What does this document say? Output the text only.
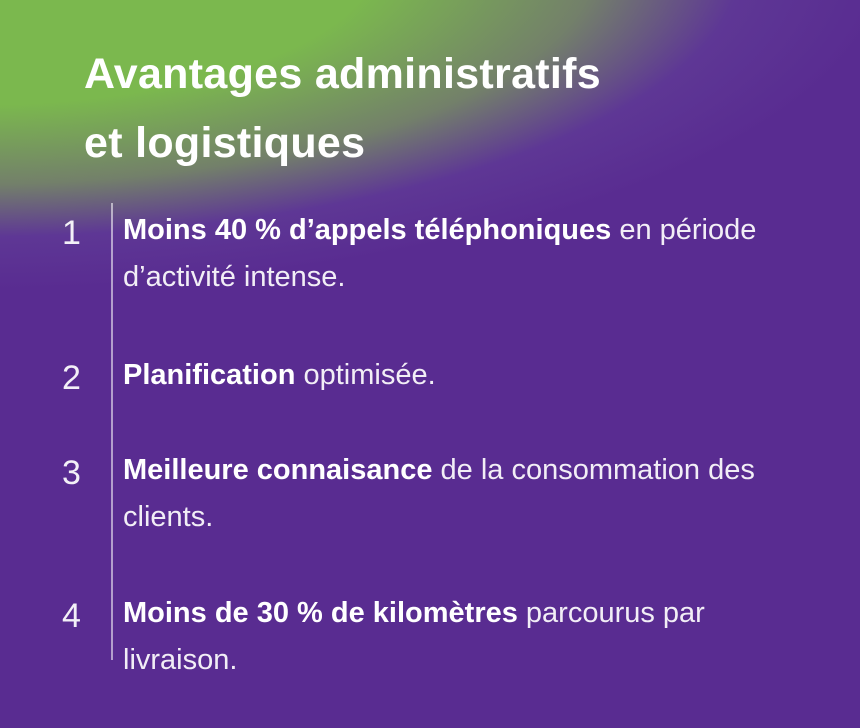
Avantages administratifs
et logistiques
1	Moins 40 % d’appels téléphoniques en période d’activité intense.
2	Planification optimisée.
3	Meilleure connaisance de la consommation des clients.
4	Moins de 30 % de kilomètres parcourus par livraison.
